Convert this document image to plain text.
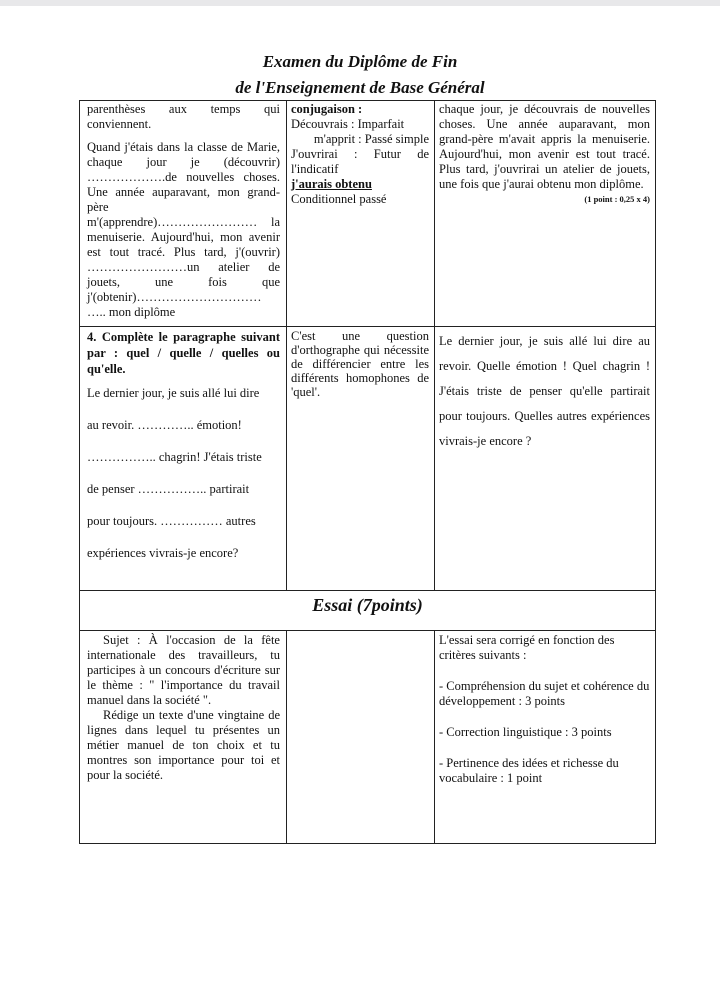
Examen du Diplôme de Fin
de l'Enseignement de Base Général

parenthèses aux temps qui conviennent.

Quand j'étais dans la classe de Marie, chaque jour je (découvrir) ……………….de nouvelles choses. Une année auparavant, mon grand-père m'(apprendre)…………………… la menuiserie. Aujourd'hui, mon avenir est tout tracé. Plus tard, j'(ouvrir) ……………………un atelier de jouets, une fois que j'(obtenir)………………………… ….. mon diplôme

conjugaison :

Découvrais : Imparfait

m'apprit : Passé simple

J'ouvrirai : Futur de l'indicatif

j'aurais obtenu

Conditionnel passé

chaque jour, je découvrais de nouvelles choses. Une année auparavant, mon grand-père m'avait appris la menuiserie. Aujourd'hui, mon avenir est tout tracé. Plus tard, j'ouvrirai un atelier de jouets, une fois que j'aurai obtenu mon diplôme.

(1 point : 0,25 x 4)

4. Complète le paragraphe suivant par : quel / quelle / quelles ou qu'elle.

Le dernier jour, je suis allé lui dire

au revoir. ………….. émotion!

…………….. chagrin! J'étais triste

de penser …………….. partirait

pour toujours. …………… autres

expériences vivrais-je encore?

C'est une question d'orthographe qui nécessite de différencier entre les différents homophones de 'quel'.

Le dernier jour, je suis allé lui dire au revoir. Quelle émotion ! Quel chagrin ! J'étais triste de penser qu'elle partirait pour toujours. Quelles autres expériences vivrais-je encore ?

Essai (7points)

Sujet : À l'occasion de la fête internationale des travailleurs, tu participes à un concours d'écriture sur le thème : " l'importance du travail manuel dans la société ".

Rédige un texte d'une vingtaine de lignes dans lequel tu présentes un métier manuel de ton choix et tu montres son importance pour toi et pour la société.

L'essai sera corrigé en fonction des critères suivants :

- Compréhension du sujet et cohérence du développement : 3 points

- Correction linguistique : 3 points

- Pertinence des idées et richesse du vocabulaire : 1 point
